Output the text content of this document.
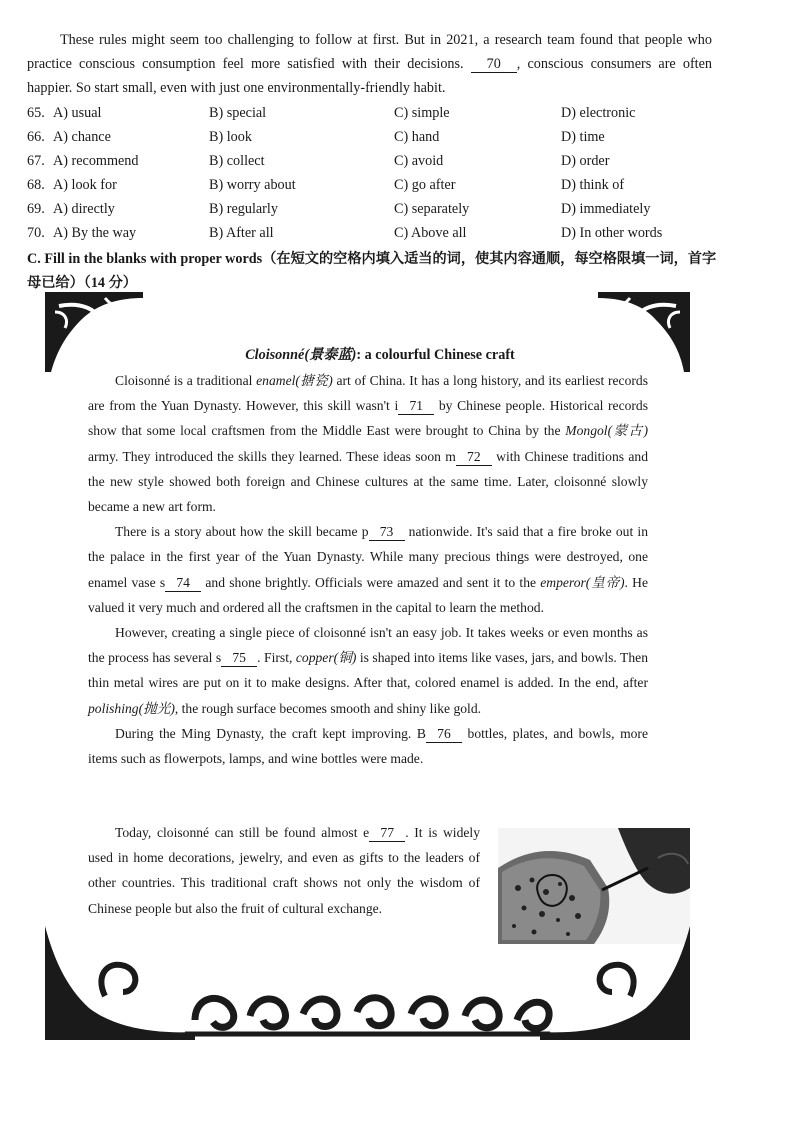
These rules might seem too challenging to follow at first. But in 2021, a research team found that people who practice conscious consumption feel more satisfied with their decisions. 70 , conscious consumers are often happier. So start small, even with just one environmentally-friendly habit.

65. A) usual	B) special	C) simple	D) electronic
66. A) chance	B) look	C) hand	D) time
67. A) recommend	B) collect	C) avoid	D) order
68. A) look for	B) worry about	C) go after	D) think of
69. A) directly	B) regularly	C) separately	D) immediately
70. A) By the way	B) After all	C) Above all	D) In other words
C. Fill in the blanks with proper words（在短文的空格内填入适当的词，使其内容通顺，每空格限填一词，首字母已给）（14 分）
Cloisonné(景泰蓝): a colourful Chinese craft

Cloisonné is a traditional enamel(搪瓷) art of China. It has a long history, and its earliest records are from the Yuan Dynasty. However, this skill wasn't i 71 by Chinese people. Historical records show that some local craftsmen from the Middle East were brought to China by the Mongol(蒙古) army. They introduced the skills they learned. These ideas soon m 72 with Chinese traditions and the new style showed both foreign and Chinese cultures at the same time. Later, cloisonné slowly became a new art form.

There is a story about how the skill became p 73 nationwide. It's said that a fire broke out in the palace in the first year of the Yuan Dynasty. While many precious things were destroyed, one enamel vase s 74 and shone brightly. Officials were amazed and sent it to the emperor(皇帝). He valued it very much and ordered all the craftsmen in the capital to learn the method.

However, creating a single piece of cloisonné isn't an easy job. It takes weeks or even months as the process has several s 75 . First, copper(铜) is shaped into items like vases, jars, and bowls. Then thin metal wires are put on it to make designs. After that, colored enamel is added. In the end, after polishing(抛光), the rough surface becomes smooth and shiny like gold.

During the Ming Dynasty, the craft kept improving. B 76 bottles, plates, and bowls, more items such as flowerpots, lamps, and wine bottles were made.

Today, cloisonné can still be found almost e 77 . It is widely used in home decorations, jewelry, and even as gifts to the leaders of other countries. This traditional craft shows not only the wisdom of Chinese people but also the fruit of cultural exchange.
